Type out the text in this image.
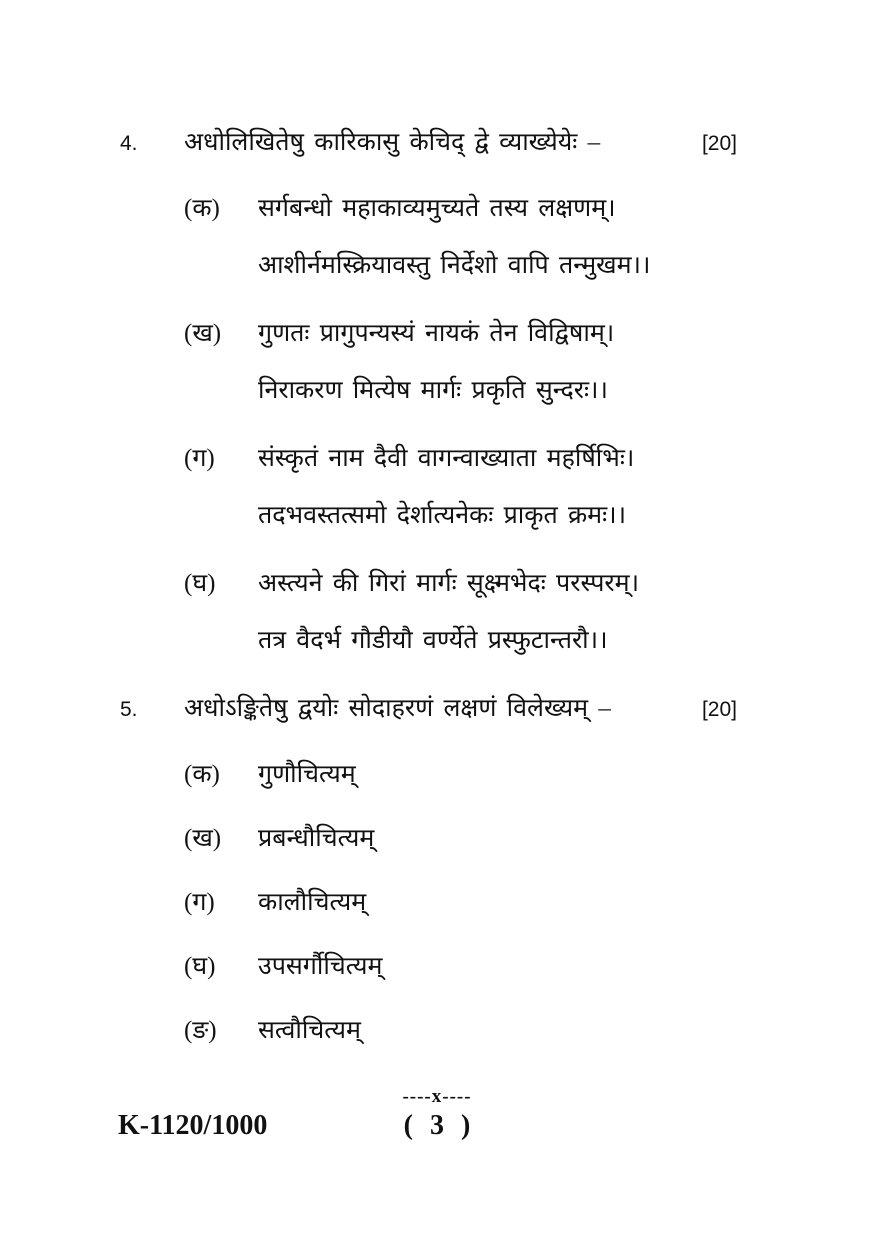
4.	अधोलिखितेषु कारिकासु केचिद् द्वे व्याख्येयेः –	[20]
(क)	सर्गबन्धो महाकाव्यमुच्यते तस्य लक्षणम्।

आशीर्नमस्क्रियावस्तु निर्देशो वापि तन्मुखम।।

(ख)	गुणतः प्रागुपन्यस्यं नायकं तेन विद्विषाम्।

निराकरण मित्येष मार्गः प्रकृति सुन्दरः।।

(ग)	संस्कृतं नाम दैवी वागन्वाख्याता महर्षिभिः।

तदभवस्तत्समो देर्शात्यनेकः प्राकृत क्रमः।।

(घ)	अस्त्यने की गिरां मार्गः सूक्ष्मभेदः परस्परम्।

तत्र वैदर्भ गौडीयौ वर्ण्येते प्रस्फुटान्तरौ।।

5.	अधोऽङ्कितेषु द्वयोः सोदाहरणं लक्षणं विलेख्यम् –	[20]
(क)	गुणौचित्यम्

(ख)	प्रबन्धौचित्यम्

(ग)	कालौचित्यम्

(घ)	उपसर्गौचित्यम्

(ङ)	सत्वौचित्यम्

----x----
K-1120/1000	( 3 )
